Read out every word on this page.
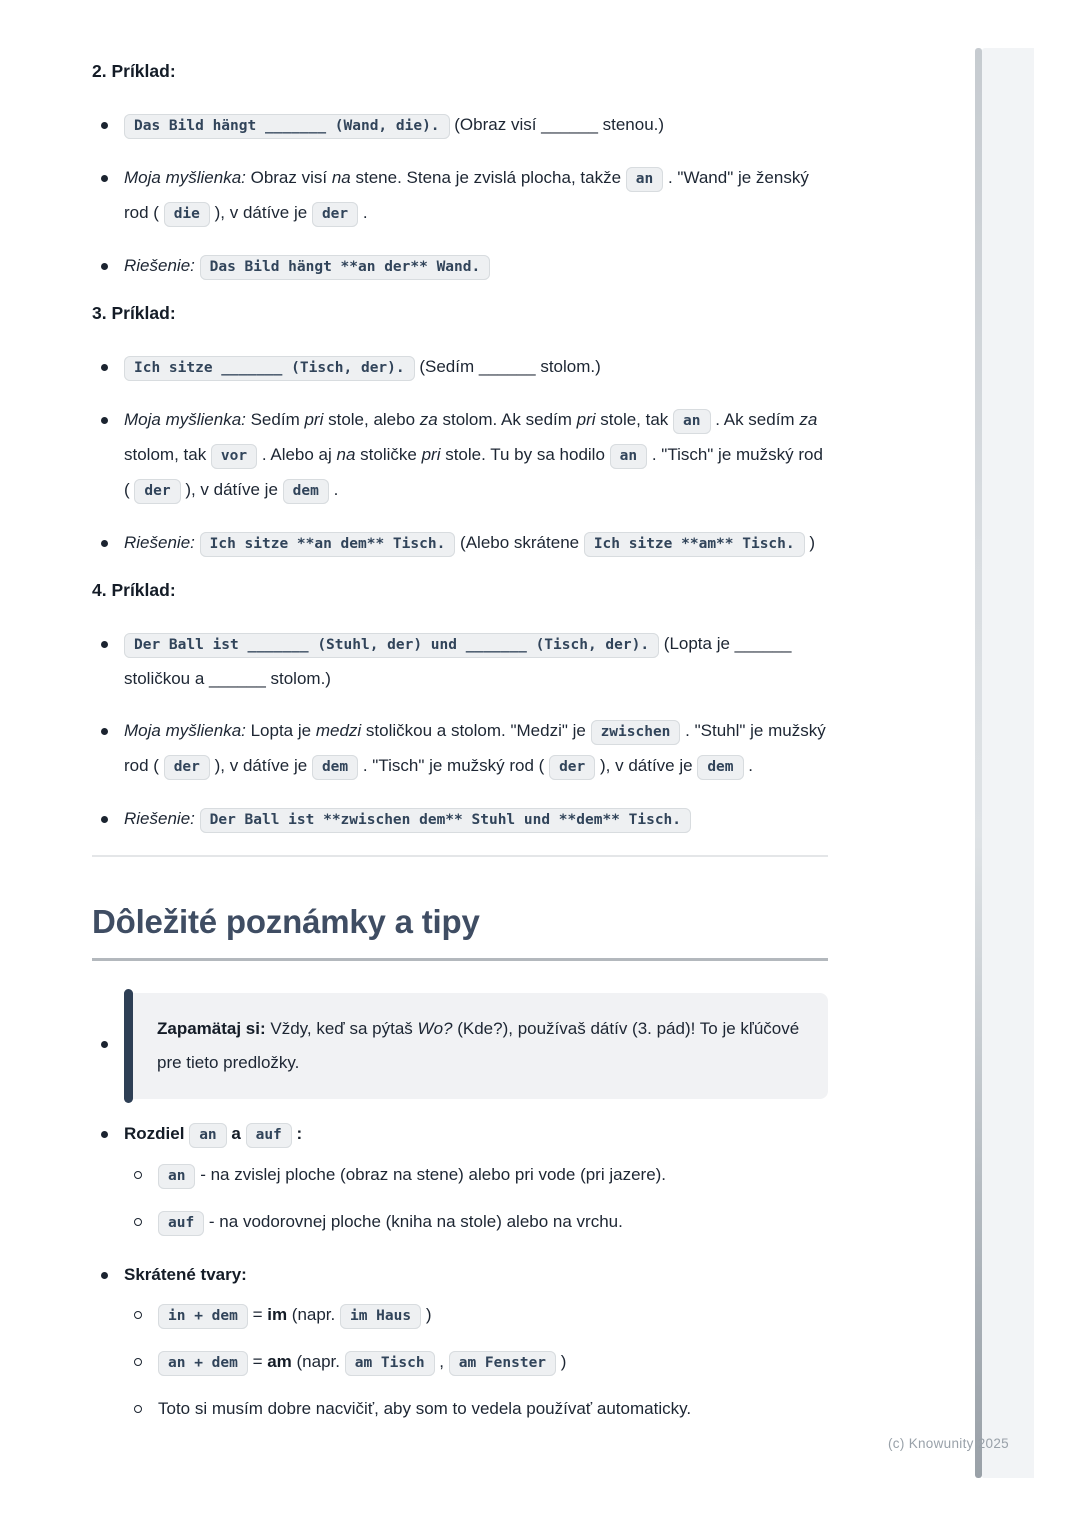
2. Príklad:
Das Bild hängt _______ (Wand, die). (Obraz visí ______ stenou.)
Moja myšlienka: Obraz visí na stene. Stena je zvislá plocha, takže an . "Wand" je ženský rod ( die ), v dátíve je der .
Riešenie: Das Bild hängt **an der** Wand.
3. Príklad:
Ich sitze _______ (Tisch, der). (Sedím ______ stolom.)
Moja myšlienka: Sedím pri stole, alebo za stolom. Ak sedím pri stole, tak an . Ak sedím za stolom, tak vor . Alebo aj na stoličke pri stole. Tu by sa hodilo an . "Tisch" je mužský rod ( der ), v dátíve je dem .
Riešenie: Ich sitze **an dem** Tisch. (Alebo skrátene Ich sitze **am** Tisch. )
4. Príklad:
Der Ball ist _______ (Stuhl, der) und _______ (Tisch, der). (Lopta je ______ stoličkou a ______ stolom.)
Moja myšlienka: Lopta je medzi stoličkou a stolom. "Medzi" je zwischen . "Stuhl" je mužský rod ( der ), v dátíve je dem . "Tisch" je mužský rod ( der ), v dátíve je dem .
Riešenie: Der Ball ist **zwischen dem** Stuhl und **dem** Tisch.
Dôležité poznámky a tipy
Zapamätaj si: Vždy, keď sa pýtaš Wo? (Kde?), používaš dátív (3. pád)! To je kľúčové pre tieto predložky.
Rozdiel an a auf :
an - na zvislej ploche (obraz na stene) alebo pri vode (pri jazere).
auf - na vodorovnej ploche (kniha na stole) alebo na vrchu.
Skrátené tvary:
in + dem = im (napr. im Haus )
an + dem = am (napr. am Tisch , am Fenster )
Toto si musím dobre nacvičiť, aby som to vedela používať automaticky.
(c) Knowunity 2025
